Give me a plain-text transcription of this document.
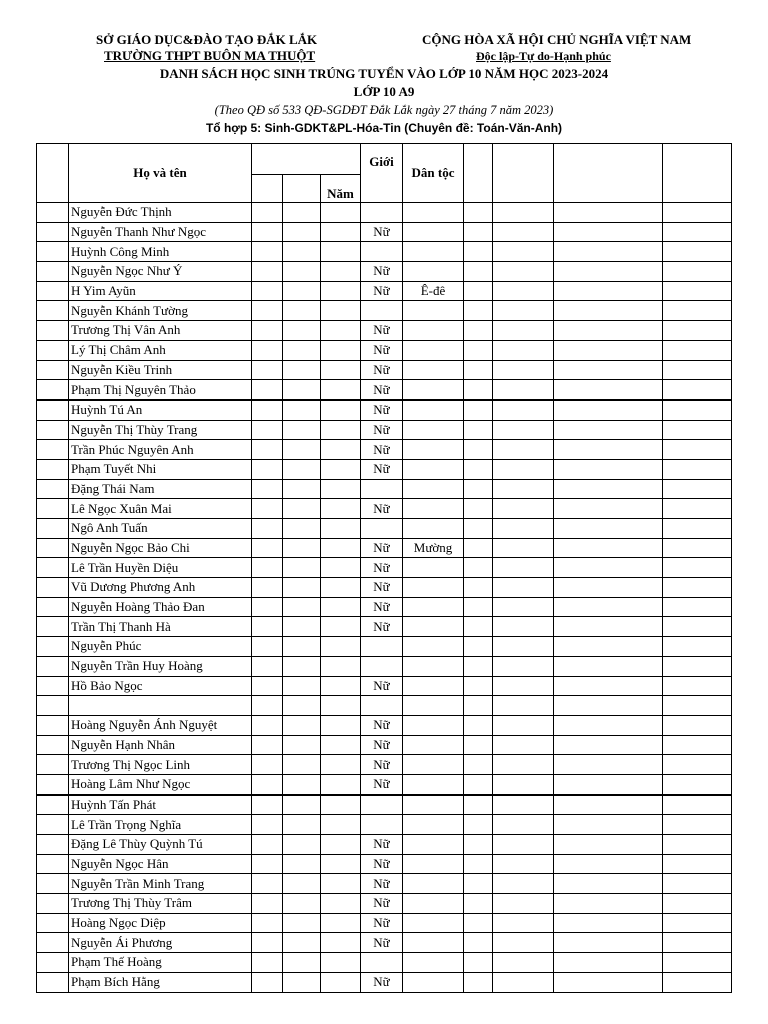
SỞ GIÁO DỤC&ĐÀO TẠO ĐẮK LẮK
TRƯỜNG THPT BUÔN MA THUỘT
CỘNG HÒA XÃ HỘI CHỦ NGHĨA VIỆT NAM
Độc lập-Tự do-Hạnh phúc
DANH SÁCH HỌC SINH TRÚNG TUYỂN VÀO LỚP 10 NĂM HỌC 2023-2024
LỚP 10 A9
(Theo QĐ số 533 QĐ-SGDĐT Đắk Lắk ngày 27 tháng 7 năm 2023)
Tổ hợp 5: Sinh-GDKT&PL-Hóa-Tin (Chuyên đề: Toán-Văn-Anh)
	Họ và tên				Giới	Dân tộc				
				Năm						
	Nguyễn Đức Thịnh									
	Nguyễn Thanh Như Ngọc				Nữ					
	Huỳnh Công Minh									
	Nguyễn Ngọc Như Ý				Nữ					
	H Yim Ayũn				Nữ	Ê-đê				
	Nguyễn Khánh Tường									
	Trương Thị Vân Anh				Nữ					
	Lý Thị Châm Anh				Nữ					
	Nguyễn Kiều Trinh				Nữ					
	Phạm Thị Nguyên Thảo				Nữ					
	Huỳnh Tú An				Nữ					
	Nguyễn Thị Thùy Trang				Nữ					
	Trần Phúc Nguyên Anh				Nữ					
	Phạm Tuyết Nhi				Nữ					
	Đặng Thái Nam									
	Lê Ngọc Xuân Mai				Nữ					
	Ngô Anh Tuấn									
	Nguyễn Ngọc Bảo Chi				Nữ	Mường				
	Lê Trần Huyền Diệu				Nữ					
	Vũ Dương Phương Anh				Nữ					
	Nguyễn Hoàng Thảo Đan				Nữ					
	Trần Thị Thanh Hà				Nữ					
	Nguyễn Phúc									
	Nguyễn Trần Huy Hoàng									
	Hồ Bảo Ngọc				Nữ					

	Hoàng Nguyễn Ánh Nguyệt				Nữ					
	Nguyễn Hạnh Nhân				Nữ					
	Trương Thị Ngọc Linh				Nữ					
	Hoàng Lâm Như Ngọc				Nữ					
	Huỳnh Tấn Phát									
	Lê Trần Trọng Nghĩa									
	Đặng Lê Thùy Quỳnh Tú				Nữ					
	Nguyễn Ngọc Hân				Nữ					
	Nguyễn Trần Minh Trang				Nữ					
	Trương Thị Thùy Trâm				Nữ					
	Hoàng Ngọc Diệp				Nữ					
	Nguyễn Ái Phương				Nữ					
	Phạm Thế Hoàng									
	Phạm Bích Hằng				Nữ					
